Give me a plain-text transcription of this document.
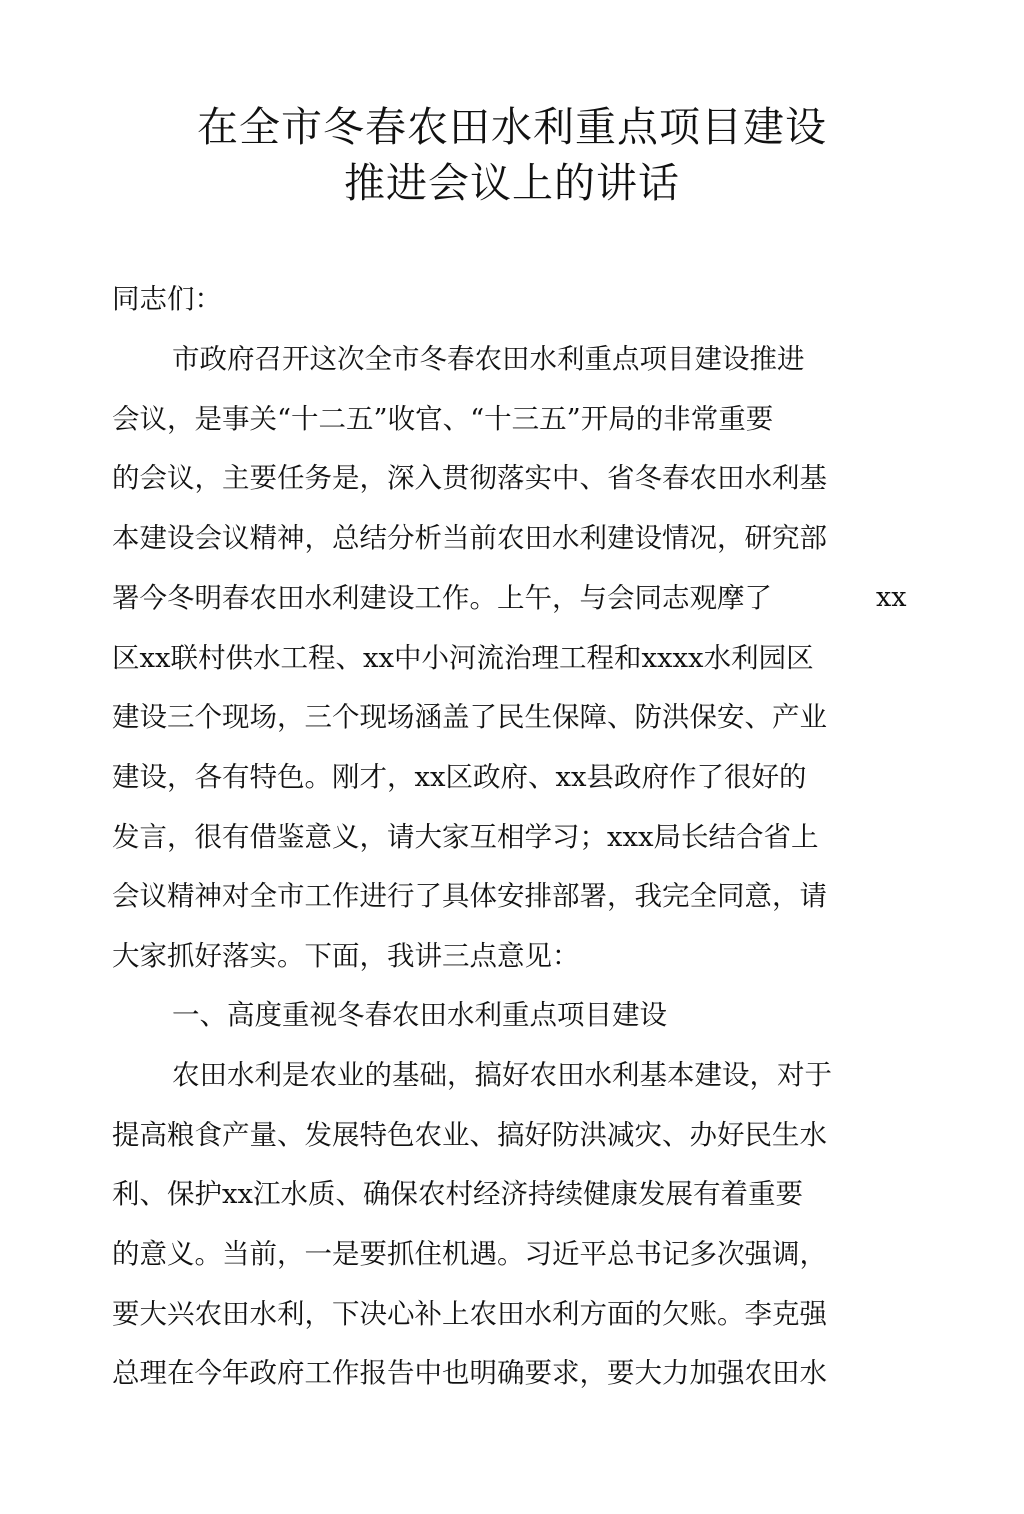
在全市冬春农田水利重点项目建设
推进会议上的讲话
同志们：
市政府召开这次全市冬春农田水利重点项目建设推进
会议，是事关“十二五”收官、“十三五”开局的非常重要
的会议，主要任务是，深入贯彻落实中、省冬春农田水利基
本建设会议精神，总结分析当前农田水利建设情况，研究部
署今冬明春农田水利建设工作。上午，与会同志观摩了	xx
区xx联村供水工程、xx中小河流治理工程和xxxx水利园区
建设三个现场，三个现场涵盖了民生保障、防洪保安、产业
建设，各有特色。刚才，xx区政府、xx县政府作了很好的
发言，很有借鉴意义，请大家互相学习；xxx局长结合省上
会议精神对全市工作进行了具体安排部署，我完全同意，请
大家抓好落实。下面，我讲三点意见：
一、高度重视冬春农田水利重点项目建设
农田水利是农业的基础，搞好农田水利基本建设，对于
提高粮食产量、发展特色农业、搞好防洪减灾、办好民生水
利、保护xx江水质、确保农村经济持续健康发展有着重要
的意义。当前，一是要抓住机遇。习近平总书记多次强调，
要大兴农田水利，下决心补上农田水利方面的欠账。李克强
总理在今年政府工作报告中也明确要求，要大力加强农田水
